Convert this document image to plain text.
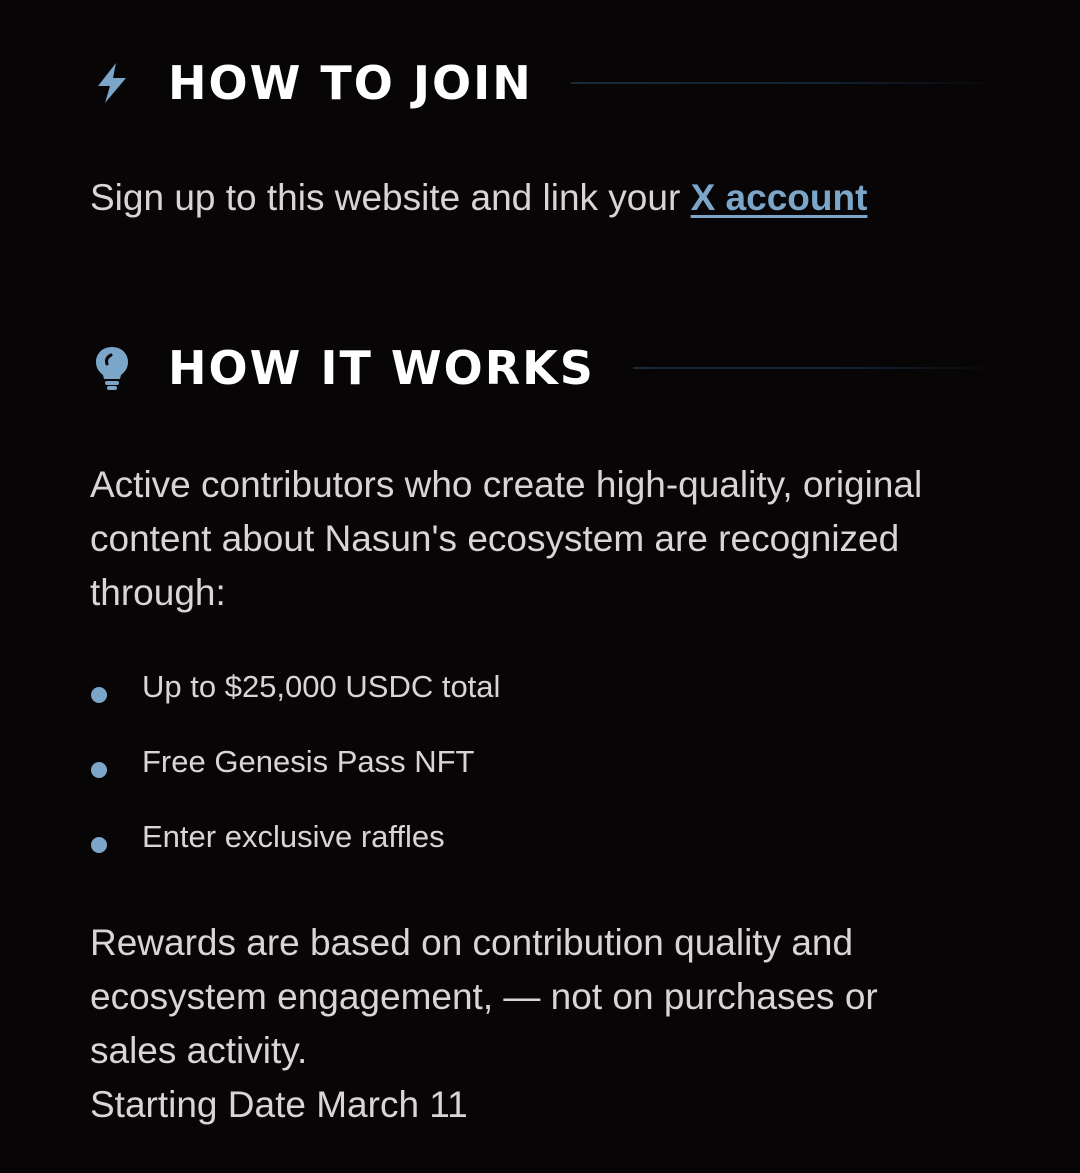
HOW TO JOIN
Sign up to this website and link your X account
HOW IT WORKS
Active contributors who create high-quality, original content about Nasun's ecosystem are recognized through:
Up to $25,000 USDC total
Free Genesis Pass NFT
Enter exclusive raffles
Rewards are based on contribution quality and ecosystem engagement, — not on purchases or sales activity.
Starting Date March 11
